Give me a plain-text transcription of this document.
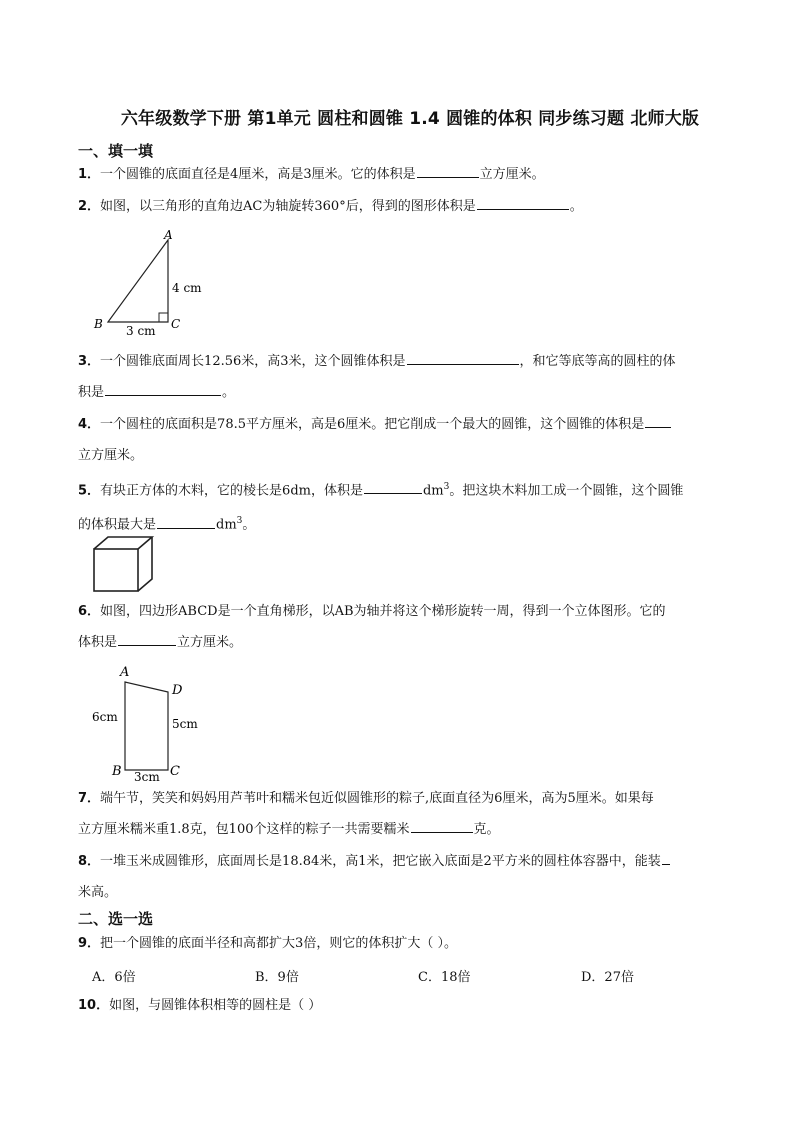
六年级数学下册 第1单元 圆柱和圆锥 1.4 圆锥的体积 同步练习题 北师大版
一、填一填
1．一个圆锥的底面直径是4厘米，高是3厘米。它的体积是	立方厘米。
2．如图，以三角形的直角边AC为轴旋转360°后，得到的图形体积是	。
A
B	C
4 cm
3 cm
3．一个圆锥底面周长12.56米，高3米，这个圆锥体积是	，和它等底等高的圆柱的体
积是	。
4．一个圆柱的底面积是78.5平方厘米，高是6厘米。把它削成一个最大的圆锥，这个圆锥的体积是
立方厘米。
5．有块正方体的木料，它的棱长是6dm，体积是	$dm^3$。把这块木料加工成一个圆锥，这个圆锥
的体积最大是	$dm^3$。
6．如图，四边形ABCD是一个直角梯形，以AB为轴并将这个梯形旋转一周，得到一个立体图形。它的
体积是	立方厘米。
A
D
B	C
6cm	5cm
3cm
7．端午节，笑笑和妈妈用芦苇叶和糯米包近似圆锥形的粽子,底面直径为6厘米，高为5厘米。如果每
立方厘米糯米重1.8克，包100个这样的粽子一共需要糯米	克。
8．一堆玉米成圆锥形，底面周长是18.84米，高1米，把它嵌入底面是2平方米的圆柱体容器中，能装
米高。
二、选一选
9．把一个圆锥的底面半径和高都扩大3倍，则它的体积扩大（ ）。
A．6倍	B．9倍	C．18倍	D．27倍
10．如图，与圆锥体积相等的圆柱是（ ）
